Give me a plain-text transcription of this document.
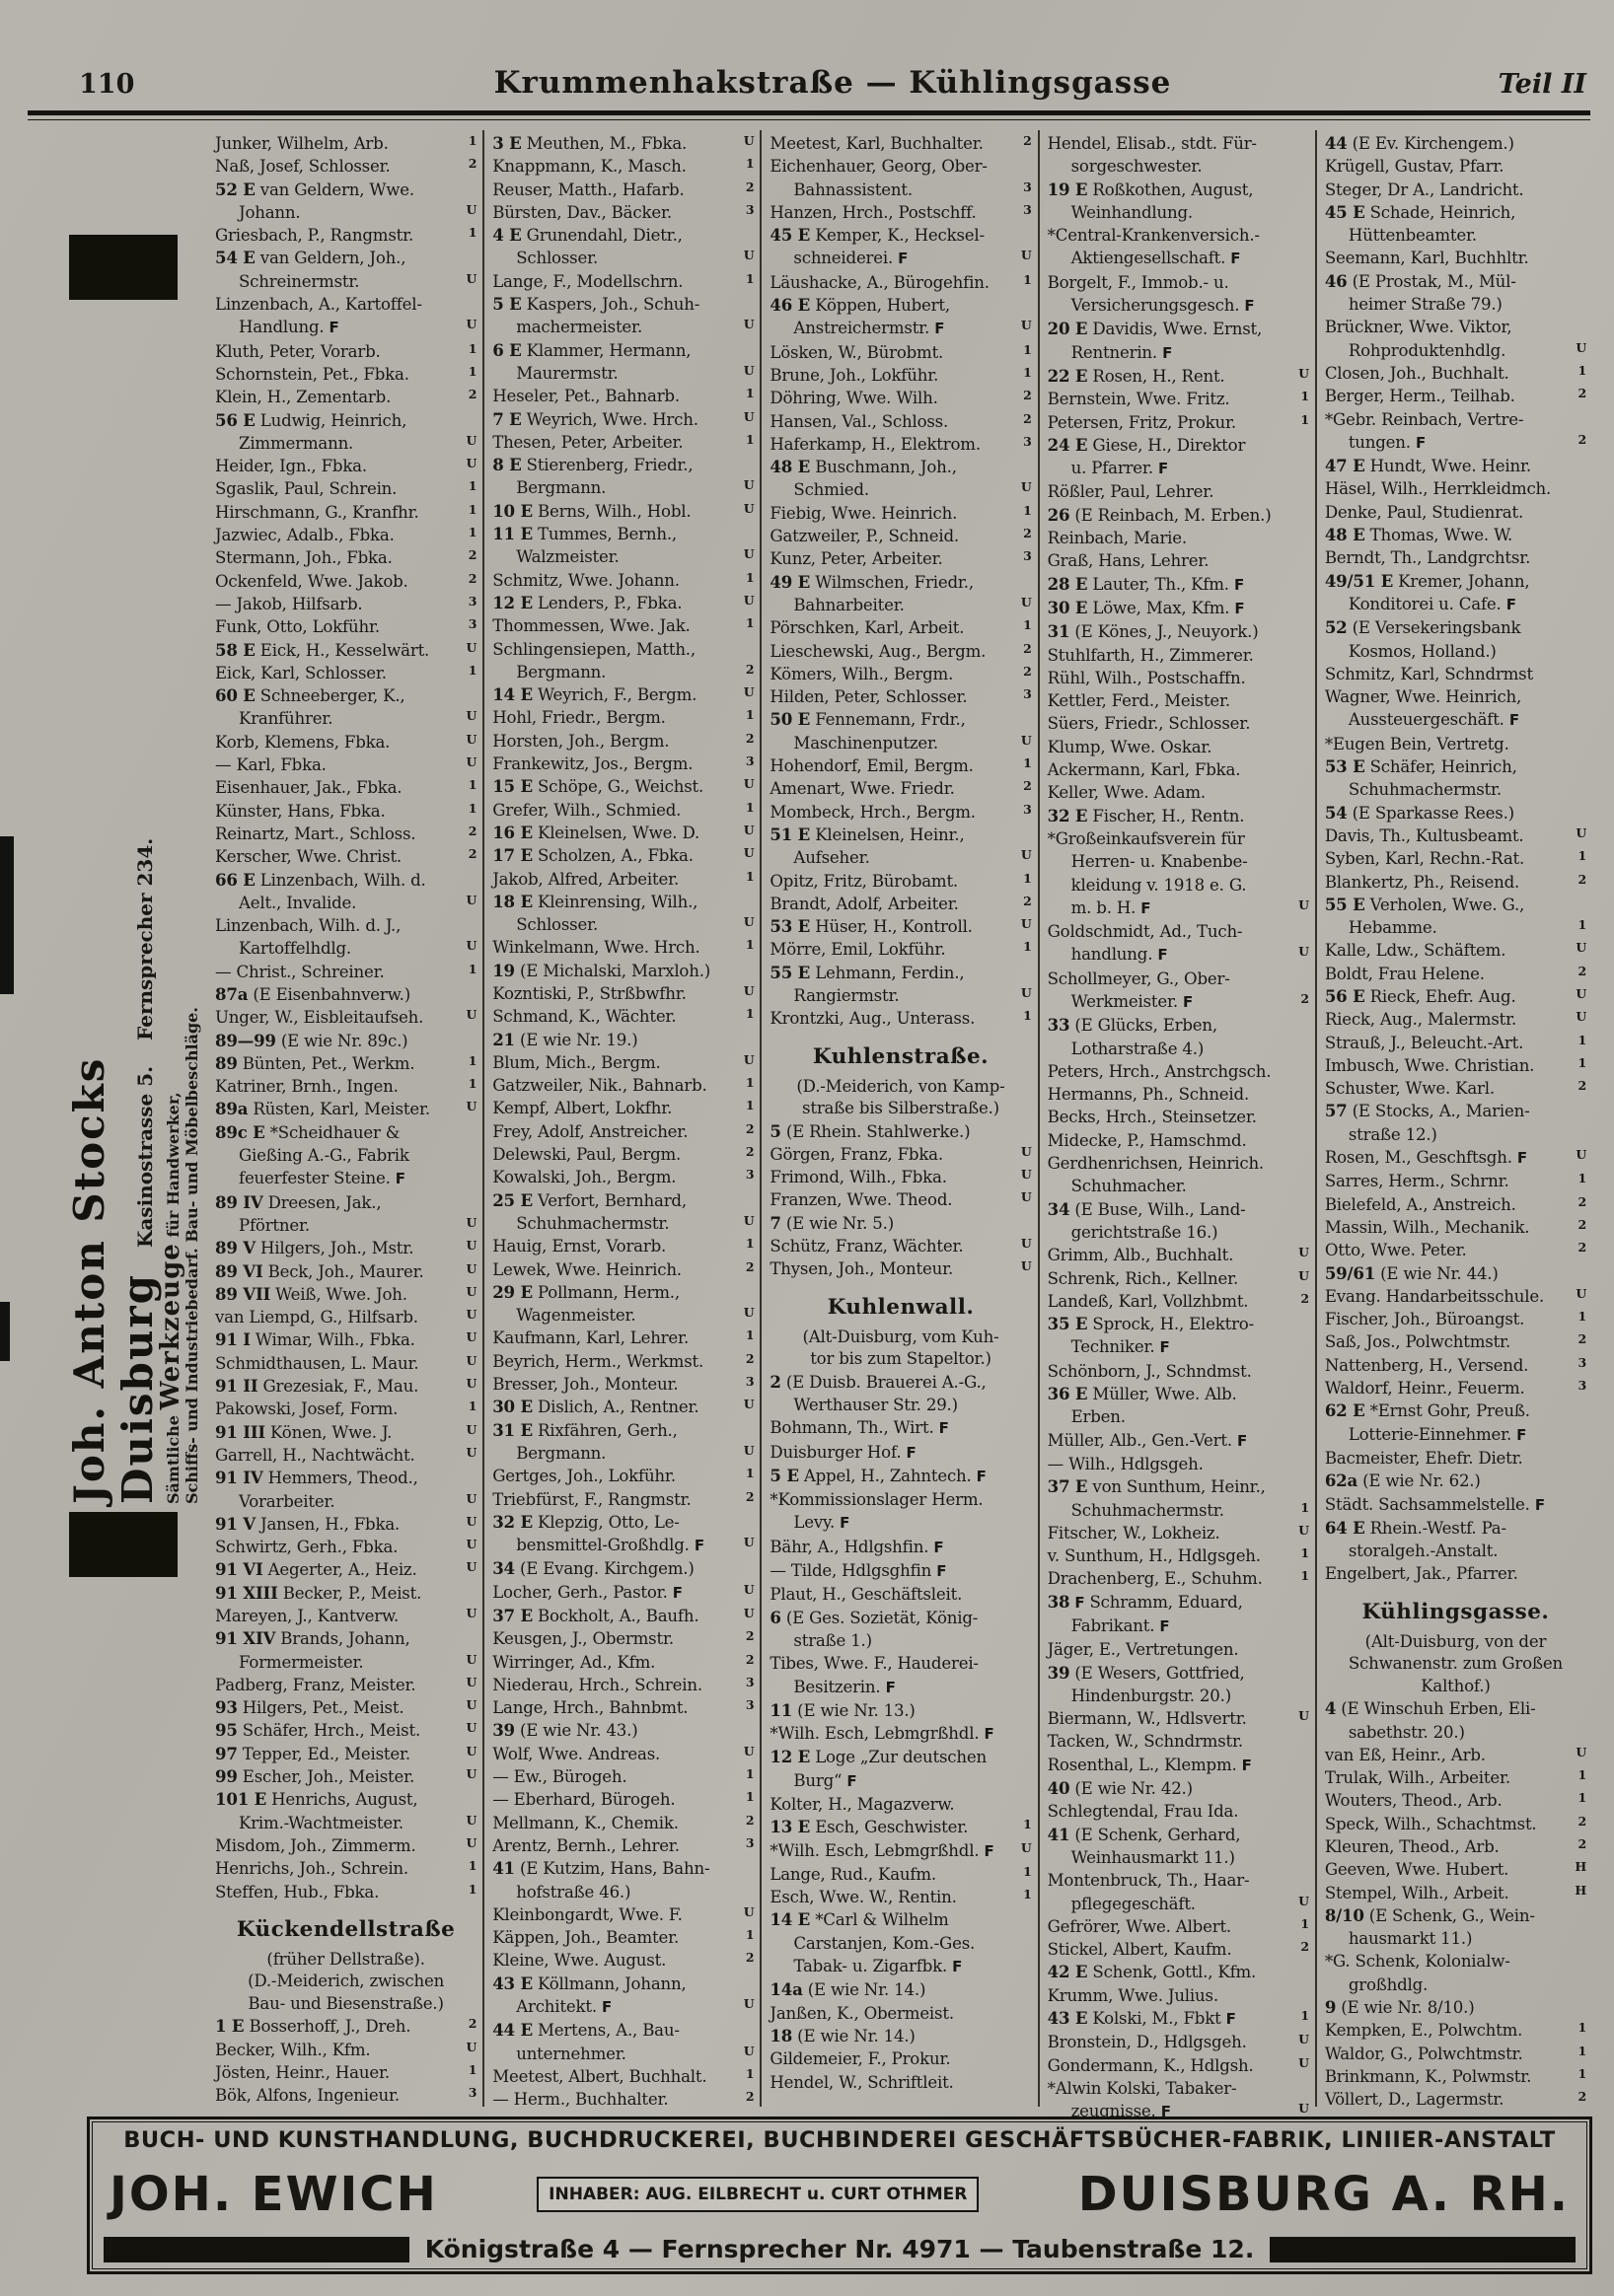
110	Krummenhakstraße — Kühlingsgasse	Teil II
Joh. Anton Stocks Duisburg
Kasinostrasse 5.
Fernsprecher 234.
Sämtliche Werkzeuge für Handwerker,
Schiffs- und Industriebedarf. Bau- und Möbelbeschläge.
Junker, Wilhelm, Arb.	1
Naß, Josef, Schlosser.	2
52 E van Geldern, Wwe.
Johann.	U
Griesbach, P., Rangmstr.	1
54 E van Geldern, Joh.,
Schreinermstr.	U
Linzenbach, A., Kartoffel-
Handlung. F	U
Kluth, Peter, Vorarb.	1
Schornstein, Pet., Fbka.	1
Klein, H., Zementarb.	2
56 E Ludwig, Heinrich,
Zimmermann.	U
Heider, Ign., Fbka.	U
Sgaslik, Paul, Schrein.	1
Hirschmann, G., Kranfhr.	1
Jazwiec, Adalb., Fbka.	1
Stermann, Joh., Fbka.	2
Ockenfeld, Wwe. Jakob.	2
— Jakob, Hilfsarb.	3
Funk, Otto, Lokführ.	3
58 E Eick, H., Kesselwärt.	U
Eick, Karl, Schlosser.	1
60 E Schneeberger, K.,
Kranführer.	U
Korb, Klemens, Fbka.	U
— Karl, Fbka.	U
Eisenhauer, Jak., Fbka.	1
Künster, Hans, Fbka.	1
Reinartz, Mart., Schloss.	2
Kerscher, Wwe. Christ.	2
66 E Linzenbach, Wilh. d.
Aelt., Invalide.	U
Linzenbach, Wilh. d. J.,
Kartoffelhdlg.	U
— Christ., Schreiner.	1
87a (E Eisenbahnverw.)
Unger, W., Eisbleitaufseh.	U
89—99 (E wie Nr. 89c.)
89 Bünten, Pet., Werkm.	1
Katriner, Brnh., Ingen.	1
89a Rüsten, Karl, Meister.	U
89c E *Scheidhauer &
Gießing A.-G., Fabrik
feuerfester Steine. F
89 IV Dreesen, Jak.,
Pförtner.	U
89 V Hilgers, Joh., Mstr.	U
89 VI Beck, Joh., Maurer.	U
89 VII Weiß, Wwe. Joh.	U
van Liempd, G., Hilfsarb.	U
91 I Wimar, Wilh., Fbka.	U
Schmidthausen, L. Maur.	U
91 II Grezesiak, F., Mau.	U
Pakowski, Josef, Form.	1
91 III Könen, Wwe. J.	U
Garrell, H., Nachtwächt.	U
91 IV Hemmers, Theod.,
Vorarbeiter.	U
91 V Jansen, H., Fbka.	U
Schwirtz, Gerh., Fbka.	U
91 VI Aegerter, A., Heiz.	U
91 XIII Becker, P., Meist.
Mareyen, J., Kantverw.	U
91 XIV Brands, Johann,
Formermeister.	U
Padberg, Franz, Meister.	U
93 Hilgers, Pet., Meist.	U
95 Schäfer, Hrch., Meist.	U
97 Tepper, Ed., Meister.	U
99 Escher, Joh., Meister.	U
101 E Henrichs, August,
Krim.-Wachtmeister.	U
Misdom, Joh., Zimmerm.	U
Henrichs, Joh., Schrein.	1
Steffen, Hub., Fbka.	1
Kückendellstraße
(früher Dellstraße).
(D.-Meiderich, zwischen
Bau- und Biesenstraße.)
1 E Bosserhoff, J., Dreh.	2
Becker, Wilh., Kfm.	U
Jösten, Heinr., Hauer.	1
Bök, Alfons, Ingenieur.	3
3 E Meuthen, M., Fbka.	U
Knappmann, K., Masch.	1
Reuser, Matth., Hafarb.	2
Bürsten, Dav., Bäcker.	3
4 E Grunendahl, Dietr.,
Schlosser.	U
Lange, F., Modellschrn.	1
5 E Kaspers, Joh., Schuh-
machermeister.	U
6 E Klammer, Hermann,
Maurermstr.	U
Heseler, Pet., Bahnarb.	1
7 E Weyrich, Wwe. Hrch.	U
Thesen, Peter, Arbeiter.	1
8 E Stierenberg, Friedr.,
Bergmann.	U
10 E Berns, Wilh., Hobl.	U
11 E Tummes, Bernh.,
Walzmeister.	U
Schmitz, Wwe. Johann.	1
12 E Lenders, P., Fbka.	U
Thommessen, Wwe. Jak.	1
Schlingensiepen, Matth.,
Bergmann.	2
14 E Weyrich, F., Bergm.	U
Hohl, Friedr., Bergm.	1
Horsten, Joh., Bergm.	2
Frankewitz, Jos., Bergm.	3
15 E Schöpe, G., Weichst.	U
Grefer, Wilh., Schmied.	1
16 E Kleinelsen, Wwe. D.	U
17 E Scholzen, A., Fbka.	U
Jakob, Alfred, Arbeiter.	1
18 E Kleinrensing, Wilh.,
Schlosser.	U
Winkelmann, Wwe. Hrch.	1
19 (E Michalski, Marxloh.)
Kozntiski, P., Strßbwfhr.	U
Schmand, K., Wächter.	1
21 (E wie Nr. 19.)
Blum, Mich., Bergm.	U
Gatzweiler, Nik., Bahnarb.	1
Kempf, Albert, Lokfhr.	1
Frey, Adolf, Anstreicher.	2
Delewski, Paul, Bergm.	2
Kowalski, Joh., Bergm.	3
25 E Verfort, Bernhard,
Schuhmachermstr.	U
Hauig, Ernst, Vorarb.	1
Lewek, Wwe. Heinrich.	2
29 E Pollmann, Herm.,
Wagenmeister.	U
Kaufmann, Karl, Lehrer.	1
Beyrich, Herm., Werkmst.	2
Bresser, Joh., Monteur.	3
30 E Dislich, A., Rentner.	U
31 E Rixfähren, Gerh.,
Bergmann.	U
Gertges, Joh., Lokführ.	1
Triebfürst, F., Rangmstr.	2
32 E Klepzig, Otto, Le-
bensmittel-Großhdlg. F	U
34 (E Evang. Kirchgem.)
Locher, Gerh., Pastor. F	U
37 E Bockholt, A., Baufh.	U
Keusgen, J., Obermstr.	2
Wirringer, Ad., Kfm.	2
Niederau, Hrch., Schrein.	3
Lange, Hrch., Bahnbmt.	3
39 (E wie Nr. 43.)
Wolf, Wwe. Andreas.	U
— Ew., Bürogeh.	1
— Eberhard, Bürogeh.	1
Mellmann, K., Chemik.	2
Arentz, Bernh., Lehrer.	3
41 (E Kutzim, Hans, Bahn-
hofstraße 46.)
Kleinbongardt, Wwe. F.	U
Käppen, Joh., Beamter.	1
Kleine, Wwe. August.	2
43 E Köllmann, Johann,
Architekt. F	U
44 E Mertens, A., Bau-
unternehmer.	U
Meetest, Albert, Buchhalt.	1
— Herm., Buchhalter.	2
Meetest, Karl, Buchhalter.	2
Eichenhauer, Georg, Ober-
Bahnassistent.	3
Hanzen, Hrch., Postschff.	3
45 E Kemper, K., Hecksel-
schneiderei. F	U
Läushacke, A., Bürogehfin.	1
46 E Köppen, Hubert,
Anstreichermstr. F	U
Lösken, W., Bürobmt.	1
Brune, Joh., Lokführ.	1
Döhring, Wwe. Wilh.	2
Hansen, Val., Schloss.	2
Haferkamp, H., Elektrom.	3
48 E Buschmann, Joh.,
Schmied.	U
Fiebig, Wwe. Heinrich.	1
Gatzweiler, P., Schneid.	2
Kunz, Peter, Arbeiter.	3
49 E Wilmschen, Friedr.,
Bahnarbeiter.	U
Pörschken, Karl, Arbeit.	1
Lieschewski, Aug., Bergm.	2
Kömers, Wilh., Bergm.	2
Hilden, Peter, Schlosser.	3
50 E Fennemann, Frdr.,
Maschinenputzer.	U
Hohendorf, Emil, Bergm.	1
Amenart, Wwe. Friedr.	2
Mombeck, Hrch., Bergm.	3
51 E Kleinelsen, Heinr.,
Aufseher.	U
Opitz, Fritz, Bürobamt.	1
Brandt, Adolf, Arbeiter.	2
53 E Hüser, H., Kontroll.	U
Mörre, Emil, Lokführ.	1
55 E Lehmann, Ferdin.,
Rangiermstr.	U
Krontzki, Aug., Unterass.	1
Kuhlenstraße.
(D.-Meiderich, von Kamp-
straße bis Silberstraße.)
5 (E Rhein. Stahlwerke.)
Görgen, Franz, Fbka.	U
Frimond, Wilh., Fbka.	U
Franzen, Wwe. Theod.	U
7 (E wie Nr. 5.)
Schütz, Franz, Wächter.	U
Thysen, Joh., Monteur.	U
Kuhlenwall.
(Alt-Duisburg, vom Kuh-
tor bis zum Stapeltor.)
2 (E Duisb. Brauerei A.-G.,
Werthauser Str. 29.)
Bohmann, Th., Wirt. F
Duisburger Hof. F
5 E Appel, H., Zahntech. F
*Kommissionslager Herm.
Levy. F
Bähr, A., Hdlgshfin. F
— Tilde, Hdlgsghfin F
Plaut, H., Geschäftsleit.
6 (E Ges. Sozietät, König-
straße 1.)
Tibes, Wwe. F., Hauderei-
Besitzerin. F
11 (E wie Nr. 13.)
*Wilh. Esch, Lebmgrßhdl. F
12 E Loge „Zur deutschen
Burg“ F
Kolter, H., Magazverw.
13 E Esch, Geschwister.	1
*Wilh. Esch, Lebmgrßhdl. F	U
Lange, Rud., Kaufm.	1
Esch, Wwe. W., Rentin.	1
14 E *Carl & Wilhelm
Carstanjen, Kom.-Ges.
Tabak- u. Zigarfbk. F
14a (E wie Nr. 14.)
Janßen, K., Obermeist.
18 (E wie Nr. 14.)
Gildemeier, F., Prokur.
Hendel, W., Schriftleit.
Hendel, Elisab., stdt. Für-
sorgeschwester.
19 E Roßkothen, August,
Weinhandlung.
*Central-Krankenversich.-
Aktiengesellschaft. F
Borgelt, F., Immob.- u.
Versicherungsgesch. F
20 E Davidis, Wwe. Ernst,
Rentnerin. F
22 E Rosen, H., Rent.	U
Bernstein, Wwe. Fritz.	1
Petersen, Fritz, Prokur.	1
24 E Giese, H., Direktor
u. Pfarrer. F
Rößler, Paul, Lehrer.
26 (E Reinbach, M. Erben.)
Reinbach, Marie.
Graß, Hans, Lehrer.
28 E Lauter, Th., Kfm. F
30 E Löwe, Max, Kfm. F
31 (E Könes, J., Neuyork.)
Stuhlfarth, H., Zimmerer.
Rühl, Wilh., Postschaffn.
Kettler, Ferd., Meister.
Süers, Friedr., Schlosser.
Klump, Wwe. Oskar.
Ackermann, Karl, Fbka.
Keller, Wwe. Adam.
32 E Fischer, H., Rentn.
*Großeinkaufsverein für
Herren- u. Knabenbe-
kleidung v. 1918 e. G.
m. b. H. F	U
Goldschmidt, Ad., Tuch-
handlung. F	U
Schollmeyer, G., Ober-
Werkmeister. F	2
33 (E Glücks, Erben,
Lotharstraße 4.)
Peters, Hrch., Anstrchgsch.
Hermanns, Ph., Schneid.
Becks, Hrch., Steinsetzer.
Midecke, P., Hamschmd.
Gerdhenrichsen, Heinrich.
Schuhmacher.
34 (E Buse, Wilh., Land-
gerichtstraße 16.)
Grimm, Alb., Buchhalt.	U
Schrenk, Rich., Kellner.	U
Landeß, Karl, Vollzhbmt.	2
35 E Sprock, H., Elektro-
Techniker. F
Schönborn, J., Schndmst.
36 E Müller, Wwe. Alb.
Erben.
Müller, Alb., Gen.-Vert. F
— Wilh., Hdlgsgeh.
37 E von Sunthum, Heinr.,
Schuhmachermstr.	1
Fitscher, W., Lokheiz.	U
v. Sunthum, H., Hdlgsgeh.	1
Drachenberg, E., Schuhm.	1
38 F Schramm, Eduard,
Fabrikant. F
Jäger, E., Vertretungen.
39 (E Wesers, Gottfried,
Hindenburgstr. 20.)
Biermann, W., Hdlsvertr.	U
Tacken, W., Schndrmstr.
Rosenthal, L., Klempm. F
40 (E wie Nr. 42.)
Schlegtendal, Frau Ida.
41 (E Schenk, Gerhard,
Weinhausmarkt 11.)
Montenbruck, Th., Haar-
pflegegeschäft.	U
Gefrörer, Wwe. Albert.	1
Stickel, Albert, Kaufm.	2
42 E Schenk, Gottl., Kfm.
Krumm, Wwe. Julius.
43 E Kolski, M., Fbkt F	1
Bronstein, D., Hdlgsgeh.	U
Gondermann, K., Hdlgsh.	U
*Alwin Kolski, Tabaker-
zeugnisse. F	U
44 (E Ev. Kirchengem.)
Krügell, Gustav, Pfarr.
Steger, Dr A., Landricht.
45 E Schade, Heinrich,
Hüttenbeamter.
Seemann, Karl, Buchhltr.
46 (E Prostak, M., Mül-
heimer Straße 79.)
Brückner, Wwe. Viktor,
Rohproduktenhdlg.	U
Closen, Joh., Buchhalt.	1
Berger, Herm., Teilhab.	2
*Gebr. Reinbach, Vertre-
tungen. F	2
47 E Hundt, Wwe. Heinr.
Häsel, Wilh., Herrkleidmch.
Denke, Paul, Studienrat.
48 E Thomas, Wwe. W.
Berndt, Th., Landgrchtsr.
49/51 E Kremer, Johann,
Konditorei u. Cafe. F
52 (E Versekeringsbank
Kosmos, Holland.)
Schmitz, Karl, Schndrmst
Wagner, Wwe. Heinrich,
Aussteuergeschäft. F
*Eugen Bein, Vertretg.
53 E Schäfer, Heinrich,
Schuhmachermstr.
54 (E Sparkasse Rees.)
Davis, Th., Kultusbeamt.	U
Syben, Karl, Rechn.-Rat.	1
Blankertz, Ph., Reisend.	2
55 E Verholen, Wwe. G.,
Hebamme.	1
Kalle, Ldw., Schäftem.	U
Boldt, Frau Helene.	2
56 E Rieck, Ehefr. Aug.	U
Rieck, Aug., Malermstr.	U
Strauß, J., Beleucht.-Art.	1
Imbusch, Wwe. Christian.	1
Schuster, Wwe. Karl.	2
57 (E Stocks, A., Marien-
straße 12.)
Rosen, M., Geschftsgh. F	U
Sarres, Herm., Schrnr.	1
Bielefeld, A., Anstreich.	2
Massin, Wilh., Mechanik.	2
Otto, Wwe. Peter.	2
59/61 (E wie Nr. 44.)
Evang. Handarbeitsschule.	U
Fischer, Joh., Büroangst.	1
Saß, Jos., Polwchtmstr.	2
Nattenberg, H., Versend.	3
Waldorf, Heinr., Feuerm.	3
62 E *Ernst Gohr, Preuß.
Lotterie-Einnehmer. F
Bacmeister, Ehefr. Dietr.
62a (E wie Nr. 62.)
Städt. Sachsammelstelle. F
64 E Rhein.-Westf. Pa-
storalgeh.-Anstalt.
Engelbert, Jak., Pfarrer.
Kühlingsgasse.
(Alt-Duisburg, von der
Schwanenstr. zum Großen
Kalthof.)
4 (E Winschuh Erben, Eli-
sabethstr. 20.)
van Eß, Heinr., Arb.	U
Trulak, Wilh., Arbeiter.	1
Wouters, Theod., Arb.	1
Speck, Wilh., Schachtmst.	2
Kleuren, Theod., Arb.	2
Geeven, Wwe. Hubert.	H
Stempel, Wilh., Arbeit.	H
8/10 (E Schenk, G., Wein-
hausmarkt 11.)
*G. Schenk, Kolonialw-
großhdlg.
9 (E wie Nr. 8/10.)
Kempken, E., Polwchtm.	1
Waldor, G., Polwchtmstr.	1
Brinkmann, K., Polwmstr.	1
Völlert, D., Lagermstr.	2
BUCH- UND KUNSTHANDLUNG, BUCHDRUCKEREI, BUCHBINDEREI GESCHÄFTSBÜCHER-FABRIK, LINIIER-ANSTALT
JOH. EWICH	INHABER: AUG. EILBRECHT u. CURT OTHMER DUISBURG A. RH.
Königstraße 4 — Fernsprecher Nr. 4971 — Taubenstraße 12.
